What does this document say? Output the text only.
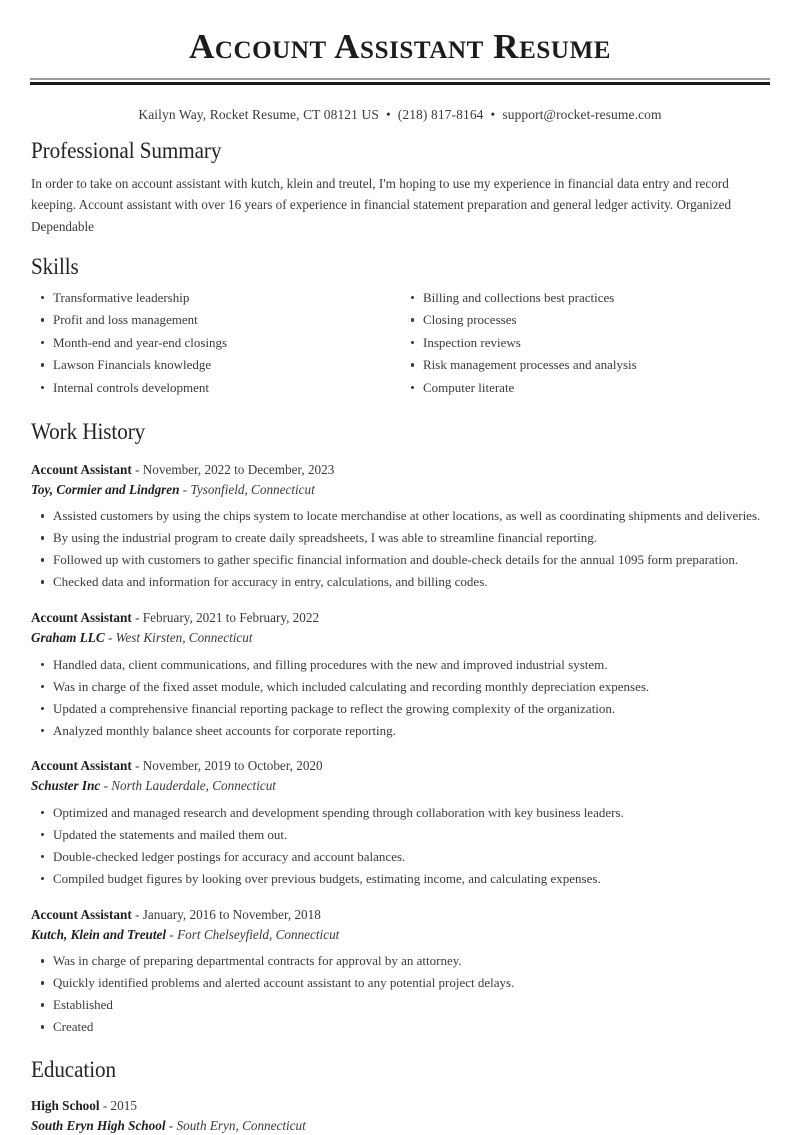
Account Assistant Resume
Kailyn Way, Rocket Resume, CT 08121 US • (218) 817-8164 • support@rocket-resume.com
Professional Summary

In order to take on account assistant with kutch, klein and treutel, I'm hoping to use my experience in financial data entry and record keeping. Account assistant with over 16 years of experience in financial statement preparation and general ledger activity. Organized Dependable

Skills
Transformative leadership
Profit and loss management
Month-end and year-end closings
Lawson Financials knowledge
Internal controls development
Billing and collections best practices
Closing processes
Inspection reviews
Risk management processes and analysis
Computer literate
Work History
Account Assistant - November, 2022 to December, 2023
Toy, Cormier and Lindgren - Tysonfield, Connecticut
Assisted customers by using the chips system to locate merchandise at other locations, as well as coordinating shipments and deliveries.
By using the industrial program to create daily spreadsheets, I was able to streamline financial reporting.
Followed up with customers to gather specific financial information and double-check details for the annual 1095 form preparation.
Checked data and information for accuracy in entry, calculations, and billing codes.
Account Assistant - February, 2021 to February, 2022
Graham LLC - West Kirsten, Connecticut
Handled data, client communications, and filling procedures with the new and improved industrial system.
Was in charge of the fixed asset module, which included calculating and recording monthly depreciation expenses.
Updated a comprehensive financial reporting package to reflect the growing complexity of the organization.
Analyzed monthly balance sheet accounts for corporate reporting.
Account Assistant - November, 2019 to October, 2020
Schuster Inc - North Lauderdale, Connecticut
Optimized and managed research and development spending through collaboration with key business leaders.
Updated the statements and mailed them out.
Double-checked ledger postings for accuracy and account balances.
Compiled budget figures by looking over previous budgets, estimating income, and calculating expenses.
Account Assistant - January, 2016 to November, 2018
Kutch, Klein and Treutel - Fort Chelseyfield, Connecticut
Was in charge of preparing departmental contracts for approval by an attorney.
Quickly identified problems and alerted account assistant to any potential project delays.
Established
Created
Education
High School - 2015
South Eryn High School - South Eryn, Connecticut
